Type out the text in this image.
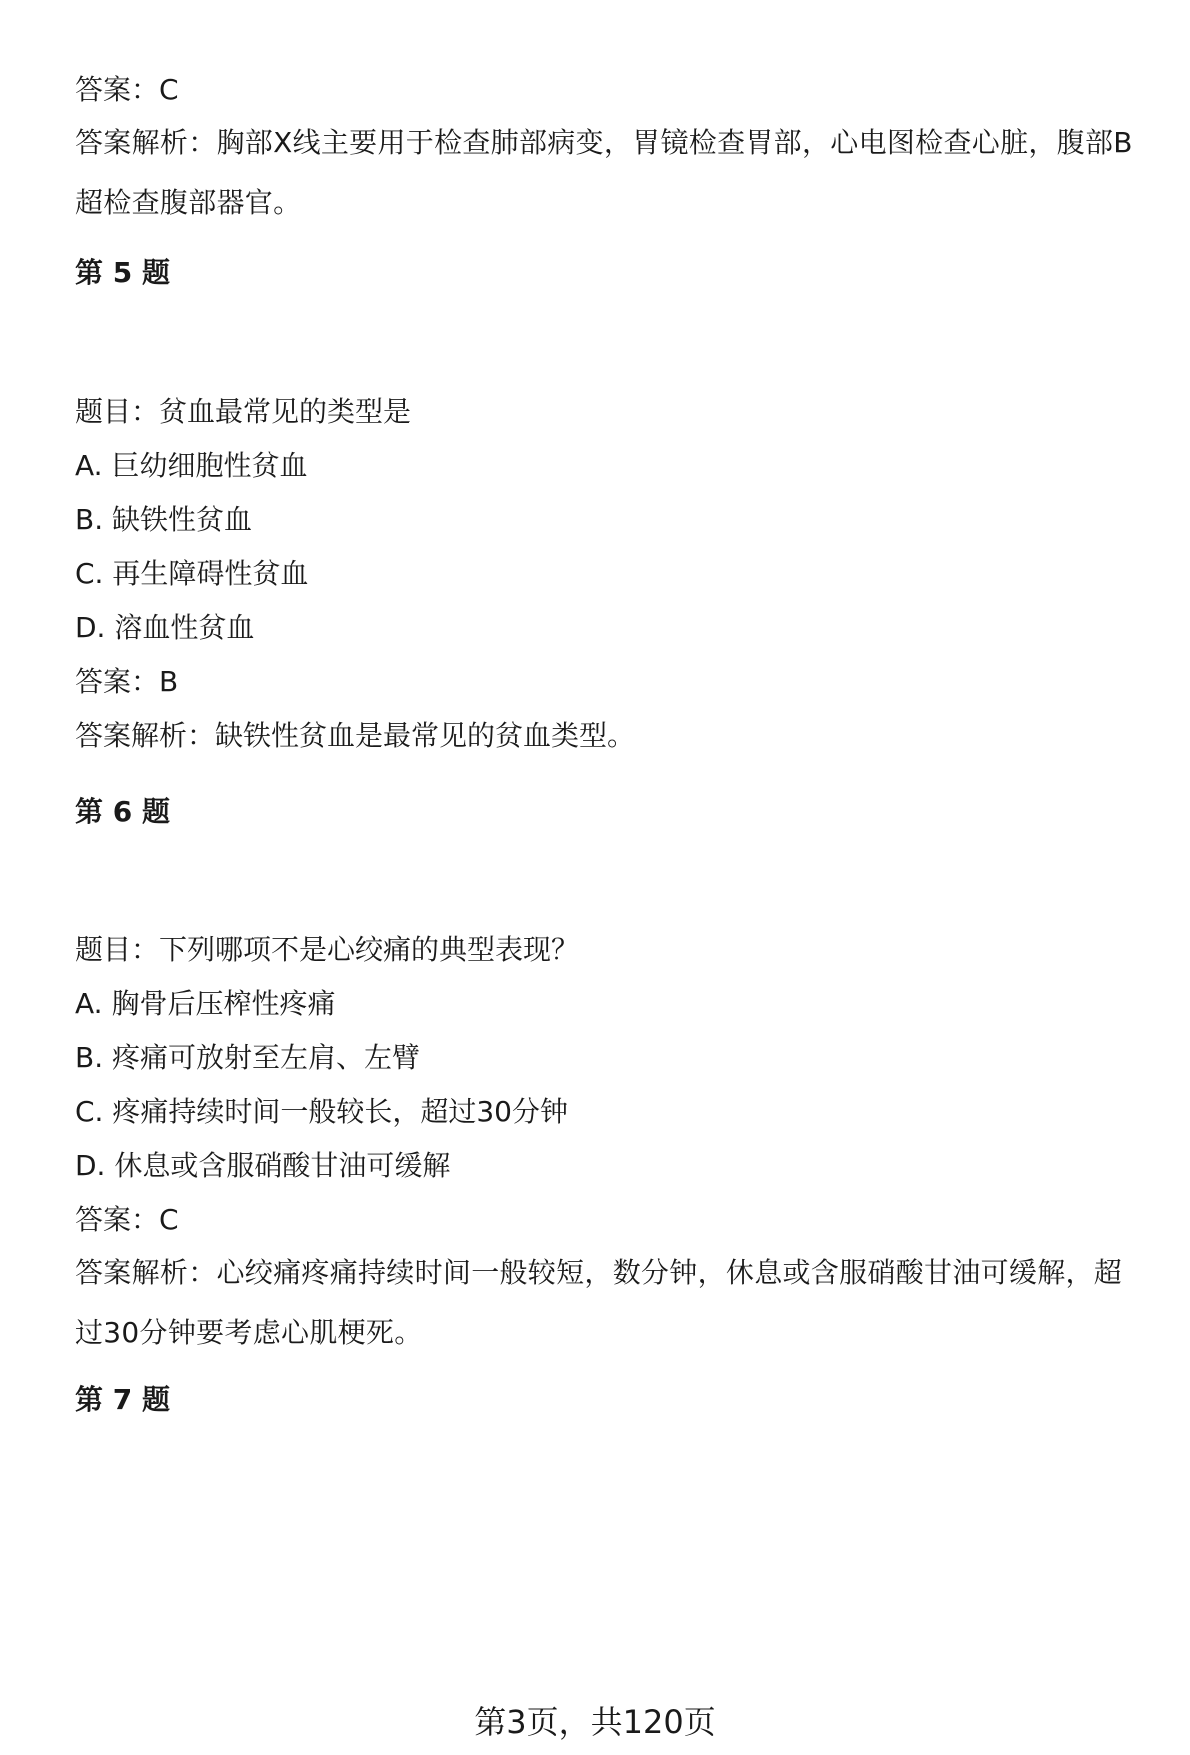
答案：C
答案解析：胸部X线主要用于检查肺部病变，胃镜检查胃部，心电图检查心脏，腹部B超检查腹部器官。
第 5 题
题目：贫血最常见的类型是
A. 巨幼细胞性贫血
B. 缺铁性贫血
C. 再生障碍性贫血
D. 溶血性贫血
答案：B
答案解析：缺铁性贫血是最常见的贫血类型。
第 6 题
题目：下列哪项不是心绞痛的典型表现？
A. 胸骨后压榨性疼痛
B. 疼痛可放射至左肩、左臂
C. 疼痛持续时间一般较长，超过30分钟
D. 休息或含服硝酸甘油可缓解
答案：C
答案解析：心绞痛疼痛持续时间一般较短，数分钟，休息或含服硝酸甘油可缓解，超过30分钟要考虑心肌梗死。
第 7 题
第3页，共120页
